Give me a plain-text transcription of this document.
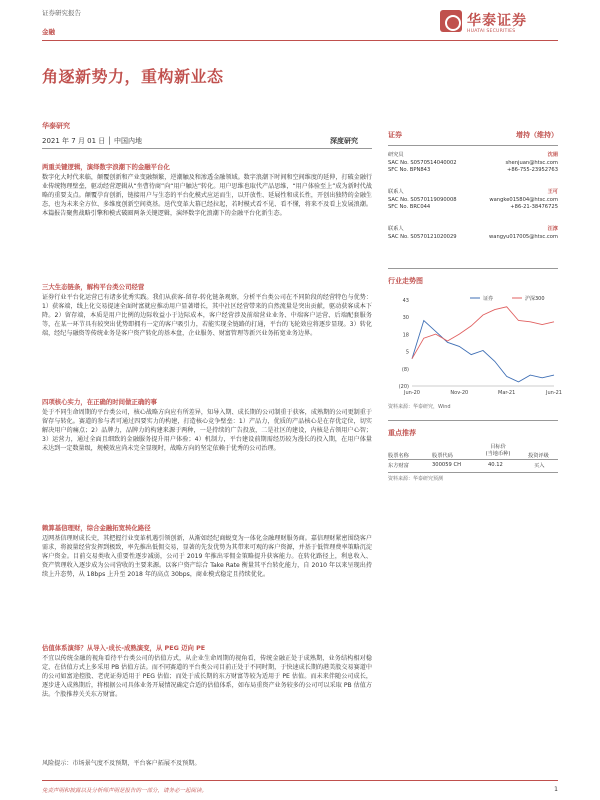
证券研究报告
金融
华泰证券
HUATAI SECURITIES
角逐新势力，重构新业态
华泰研究
2021 年 7 月 01 日 │ 中国内地	深度研究
两重关键逻辑，演绎数字浪潮下的金融平台化

数字化大时代来临，颠覆创新和产业变融频繁，逆潮触及和渗透金融领域。数字浪潮下时间和空间维度的延伸，打破金融行业传统物理壁垒，驱动经营逻辑从“坐曹待商”向“用户触达”转化。用户思维也取代产品思维，“用户体验至上”成为新时代战略的重要支点。颠覆孕育创新，链接用户与生态的平台化模式应运而生，以开放性、延展性和成长性，开创出独特的金融生态，也为未来全方位、多维度创新空间奠基。迭代变革大幕已经拉起，若时模式看不见、看不懂，将来不及看上发展浪潮。本篇报告聚焦战略引擎和模式破圈两条关键逻辑，演绎数字化浪潮下的金融平台化新生态。

三大生态链条，解构平台类公司经营

证券行业平台化运营已有诸多优秀实践。我们从获客-留存-转化链条观察，分析平台类公司在不同阶段的经营特色与优势：1）获客端，线上化交易提速全面时富就应推动用户显著增长，其中社区经营带来的自然流量是突出贡献，驱动获客成本下降。2）留存端，本质是用户比例的边际收益小于边际成本，客户经营涉及前端营业业务、中端客户运营、后端配套服务等，在某一环节具有较突出优势即拥有一定的客户吸引力，若能实现全链路的打通，平台的飞轮效应将逐步显现。3）转化端，经纪与融资等传统业务是客户资产转化的基本盘，企业服务、财富管理等新兴业务拓宽业务边界。

四项核心实力，在正确的时间做正确的事

处于不同生命周期的平台类公司，核心战略方向应有所差异，知导入期、成长期的公司制重于获客，成熟期的公司更制重于留存与转化。赛道的参与者可通过四要实力的构建，打造核心竞争壁垒：1）产品力，优质的产品核心是在存优定位，切实解决用户的痛点；2）品牌力，品牌力的构建来源于两种，一是持续的广告投放，二是社区的建设，内核是占领用户心智；3）运营力，通过全面且细致的金融服务提升用户体验；4）机制力，平台建设前期需经历较为漫长的投入期，在用户体量未达到一定数量级，规模效应尚未完全显现时，战略方向的坚定依赖于优秀的公司治理。

赖算基信理财，综合金融拓宽转化路径

迈网基信理财成长史，其把握行业变革机遇引领创新，从渐如经纪商蜕变为一体化金融理财服务商。嘉信理财紧密围绕客户需求，将渡量经营发挥到极致，率先推出低佣交易，显著的先发优势为其带来可观的客户资源，并基于低管理费率策略沉淀客户资金。目前交易类收入重要性逐步减弱，公司于 2019 年推出零佣金策略提升获客能力。在转化路径上，利息收入、资产管理收入逐步成为公司营收的主要来源。以客户资产综合 Take Rate 衡量其平台转化能力，自 2010 年以来呈现出持续上升态势，从 18bps 上升至 2018 年的高点 30bps，商业模式稳定且持续优化。

估值体系演绎？从导入-成长-成熟演变，从 PEG 迈向 PE

不宜以传统金融的视角看待平台类公司的估值方式，从企业生命周期的视角看，传统金融正处于成熟期，业务结构相对稳定，在估值方式上多采用 PB 估值方法。而不同赛道的平台类公司目前正处于不同时期，于快速成长期的港美股交易赛道中的公司如富途控股、老虎证券适用于 PEG 估值；而处于成长期的东方财富等较为适用于 PE 估值。而未来伴随公司成长，逐步进入成熟期后，将根据公司具体业务开展情况确定合适的估值体系，如布局重资产业务较多的公司可以采取 PB 估值方法。个股推荐关关东方财富。

风险提示：市场景气度不及预期，平台客户拓展不及预期。
证券	增持（维持）
研究员	沈娟
SAC No. S0570514040002	shenjuan@htsc.com
SFC No. BPN843	+86-755-23952763
联系人	王可
SAC No. S0570119090008	wangke015804@htsc.com
SFC No. BRC044	+86-21-38476725
联系人	汪淳
SAC No. S0570121020029	wangyu017005@htsc.com
行业走势图
43
30
18
5
(8)
(20)
Jun-20	Nov-20	Mar-21	Jun-21
证券	沪深300
资料来源：华泰研究，Wind
重点推荐
股票名称	股票代码
目标价
(当地币种)	投资评级
东方财富	300059 CH	40.12	买入
资料来源：华泰研究预测
免责声明和披露以及分析师声明是报告的一部分，请务必一起阅读。	1
